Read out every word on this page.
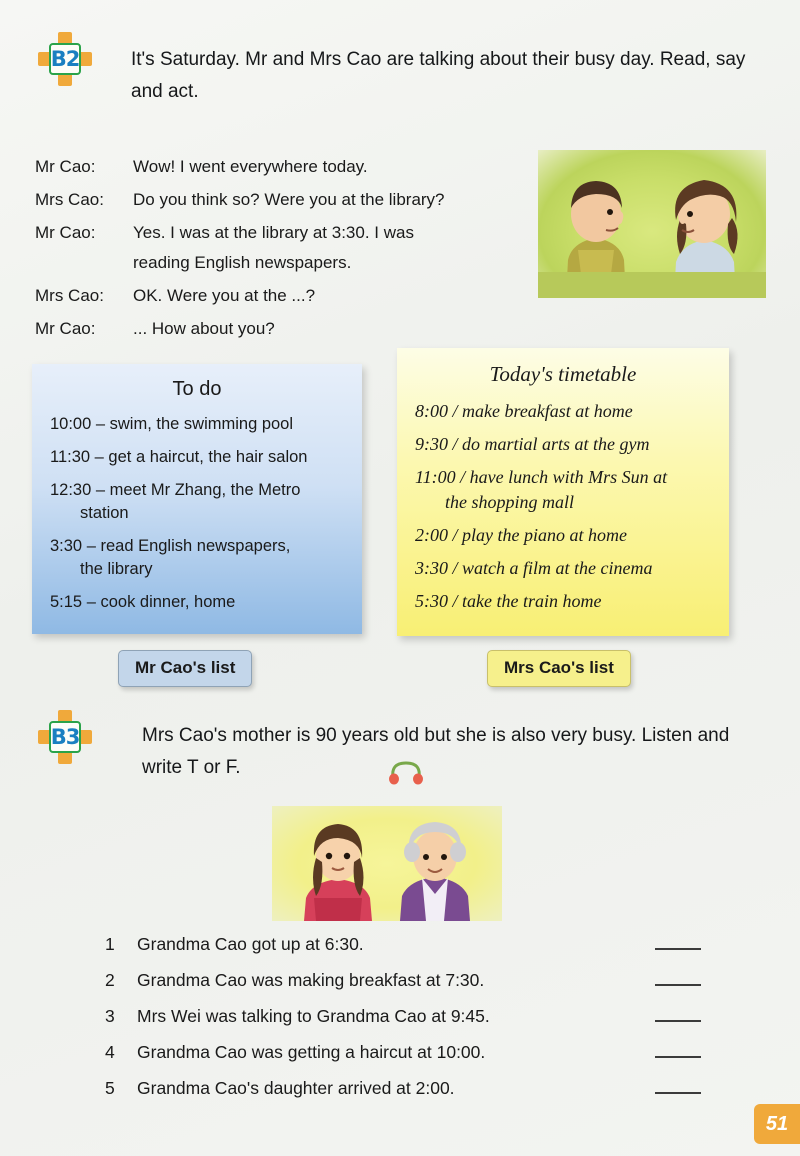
B2	It's Saturday. Mr and Mrs Cao are talking about their busy day. Read, say and act.
Mr Cao:	Wow! I went everywhere today.
Mrs Cao:	Do you think so? Were you at the library?
Mr Cao:	Yes. I was at the library at 3:30. I was reading English newspapers.
Mrs Cao:	OK. Were you at the ...?
Mr Cao:	... How about you?
To do
10:00 – swim, the swimming pool
11:30 – get a haircut, the hair salon
12:30 – meet Mr Zhang, the Metro
station
3:30 – read English newspapers,
the library
5:15 – cook dinner, home
Today's timetable
8:00 / make breakfast at home
9:30 / do martial arts at the gym
11:00 / have lunch with Mrs Sun at
the shopping mall
2:00 / play the piano at home
3:30 / watch a film at the cinema
5:30 / take the train home
Mr Cao's list	Mrs Cao's list
B3	Mrs Cao's mother is 90 years old but she is also very busy. Listen and write T or F.
1	Grandma Cao got up at 6:30.
2	Grandma Cao was making breakfast at 7:30.
3	Mrs Wei was talking to Grandma Cao at 9:45.
4	Grandma Cao was getting a haircut at 10:00.
5	Grandma Cao's daughter arrived at 2:00.
51
